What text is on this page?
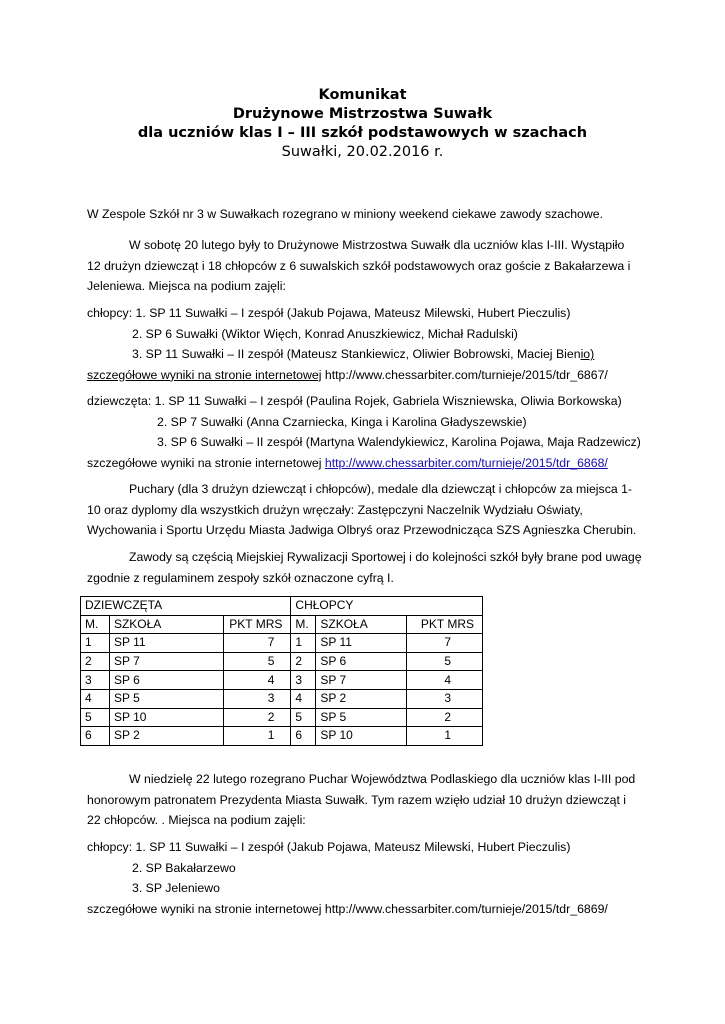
Komunikat
Drużynowe Mistrzostwa Suwałk
dla uczniów klas I – III szkół podstawowych w szachach
Suwałki, 20.02.2016 r.

W Zespole Szkół nr 3 w Suwałkach rozegrano w miniony weekend ciekawe zawody szachowe.

W sobotę 20 lutego były to Drużynowe Mistrzostwa Suwałk dla uczniów klas I-III. Wystąpiło
12 drużyn dziewcząt i 18 chłopców z 6 suwalskich szkół podstawowych oraz goście z Bakałarzewa i
Jeleniewa. Miejsca na podium zajęli:
chłopcy: 1. SP 11 Suwałki – I zespół (Jakub Pojawa, Mateusz Milewski, Hubert Pieczulis)
2. SP 6 Suwałki (Wiktor Więch, Konrad Anuszkiewicz, Michał Radulski)
3. SP 11 Suwałki – II zespół (Mateusz Stankiewicz, Oliwier Bobrowski, Maciej Bienio)
szczegółowe wyniki na stronie internetowej http://www.chessarbiter.com/turnieje/2015/tdr_6867/
dziewczęta: 1. SP 11 Suwałki – I zespół (Paulina Rojek, Gabriela Wiszniewska, Oliwia Borkowska)
2. SP 7 Suwałki (Anna Czarniecka, Kinga i Karolina Gładyszewskie)
3. SP 6 Suwałki – II zespół (Martyna Walendykiewicz, Karolina Pojawa, Maja Radzewicz)
szczegółowe wyniki na stronie internetowej http://www.chessarbiter.com/turnieje/2015/tdr_6868/
Puchary (dla 3 drużyn dziewcząt i chłopców), medale dla dziewcząt i chłopców za miejsca 1-
10 oraz dyplomy dla wszystkich drużyn wręczały: Zastępczyni Naczelnik Wydziału Oświaty,
Wychowania i Sportu Urzędu Miasta Jadwiga Olbryś oraz Przewodnicząca SZS Agnieszka Cherubin.
Zawody są częścią Miejskiej Rywalizacji Sportowej i do kolejności szkół były brane pod uwagę
zgodnie z regulaminem zespoły szkół oznaczone cyfrą I.
DZIEWCZĘTA			CHŁOPCY		
M.	SZKOŁA	PKT MRS	M.	SZKOŁA	PKT MRS
1	SP 11	7	1	SP 11	7
2	SP 7	5	2	SP 6	5
3	SP 6	4	3	SP 7	4
4	SP 5	3	4	SP 2	3
5	SP 10	2	5	SP 5	2
6	SP 2	1	6	SP 10	1
W niedzielę 22 lutego rozegrano Puchar Województwa Podlaskiego dla uczniów klas I-III pod
honorowym patronatem Prezydenta Miasta Suwałk. Tym razem wzięło udział 10 drużyn dziewcząt i
22 chłopców. . Miejsca na podium zajęli:
chłopcy: 1. SP 11 Suwałki – I zespół (Jakub Pojawa, Mateusz Milewski, Hubert Pieczulis)
2. SP Bakałarzewo
3. SP Jeleniewo
szczegółowe wyniki na stronie internetowej http://www.chessarbiter.com/turnieje/2015/tdr_6869/
